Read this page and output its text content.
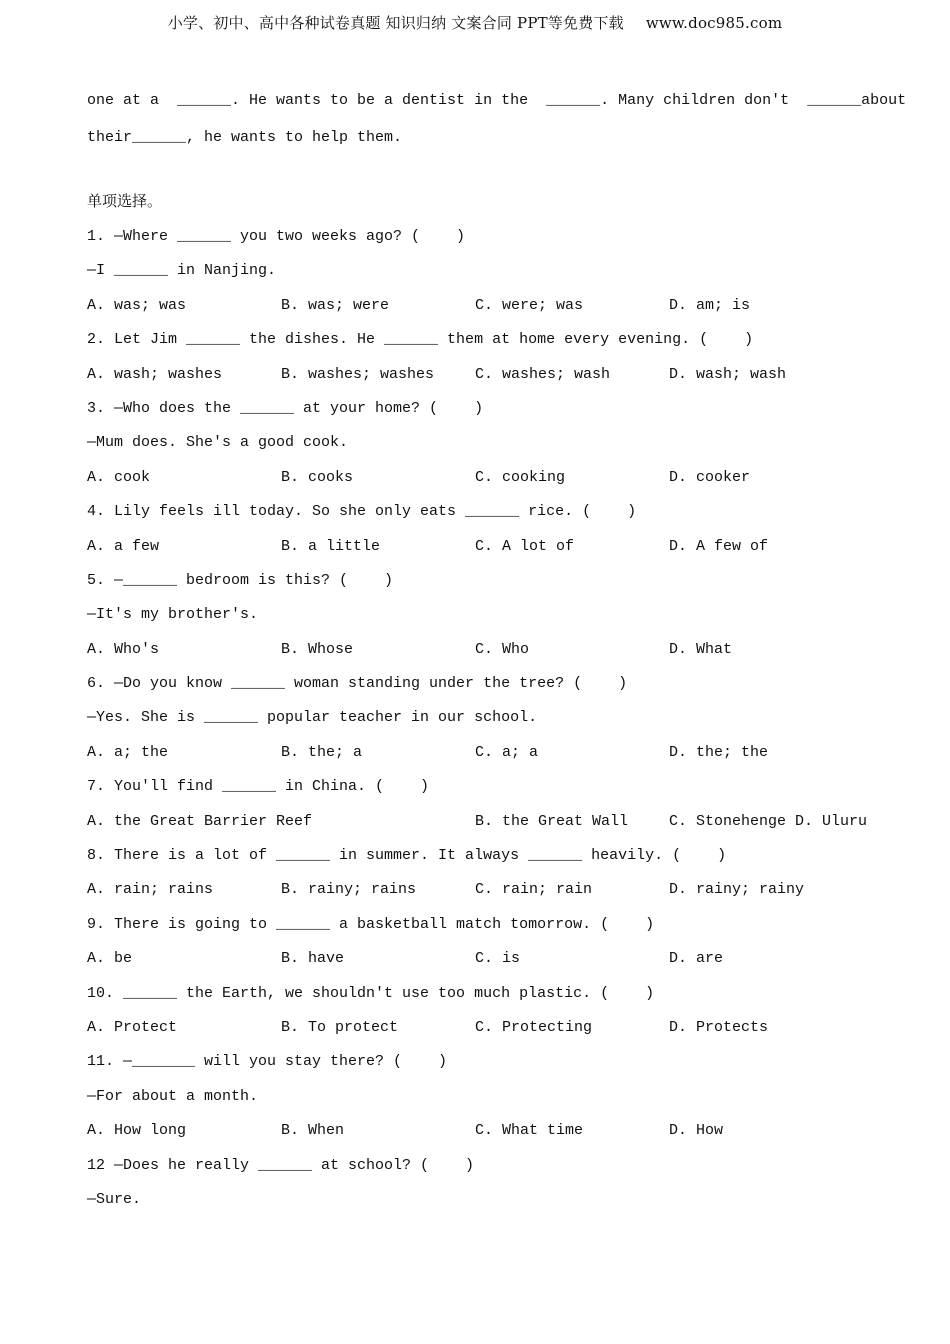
小学、初中、高中各种试卷真题 知识归纳 文案合同 PPT等免费下载 www.doc985.com
one at a  ______. He wants to be a dentist in the  ______. Many children don't  ______about
their______, he wants to help them.
单项选择。
1. —Where ______ you two weeks ago? (    )
—I ______ in Nanjing.

A. was; was

	B. was; were

	C. were; was

	D. am; is

2. Let Jim ______ the dishes. He ______ them at home every evening. (    )

A. wash; washes

	B. washes; washes

	C. washes; wash

	D. wash; wash

3. —Who does the ______ at your home? (    )
—Mum does. She's a good cook.

A. cook

	B. cooks

	C. cooking

	D. cooker

4. Lily feels ill today. So she only eats ______ rice. (    )

A. a few

	B. a little

	C. A lot of

	D. A few of

5. —______ bedroom is this? (    )
—It's my brother's.

A. Who's

	B. Whose

	C. Who

	D. What

6. —Do you know ______ woman standing under the tree? (    )
—Yes. She is ______ popular teacher in our school.

A. a; the

	B. the; a

	C. a; a

	D. the; the

7. You'll find ______ in China. (    )

A. the Great Barrier Reef

	B. the Great Wall

	C. Stonehenge D. Uluru

8. There is a lot of ______ in summer. It always ______ heavily. (    )

A. rain; rains

	B. rainy; rains

	C. rain; rain

	D. rainy; rainy

9. There is going to ______ a basketball match tomorrow. (    )

A. be

	B. have

	C. is

	D. are

10. ______ the Earth, we shouldn't use too much plastic. (    )

A. Protect

	B. To protect

	C. Protecting

	D. Protects

11. —_______ will you stay there? (    )
—For about a month.

A. How long

	B. When

	C. What time

	D. How

12 —Does he really ______ at school? (    )
—Sure.
